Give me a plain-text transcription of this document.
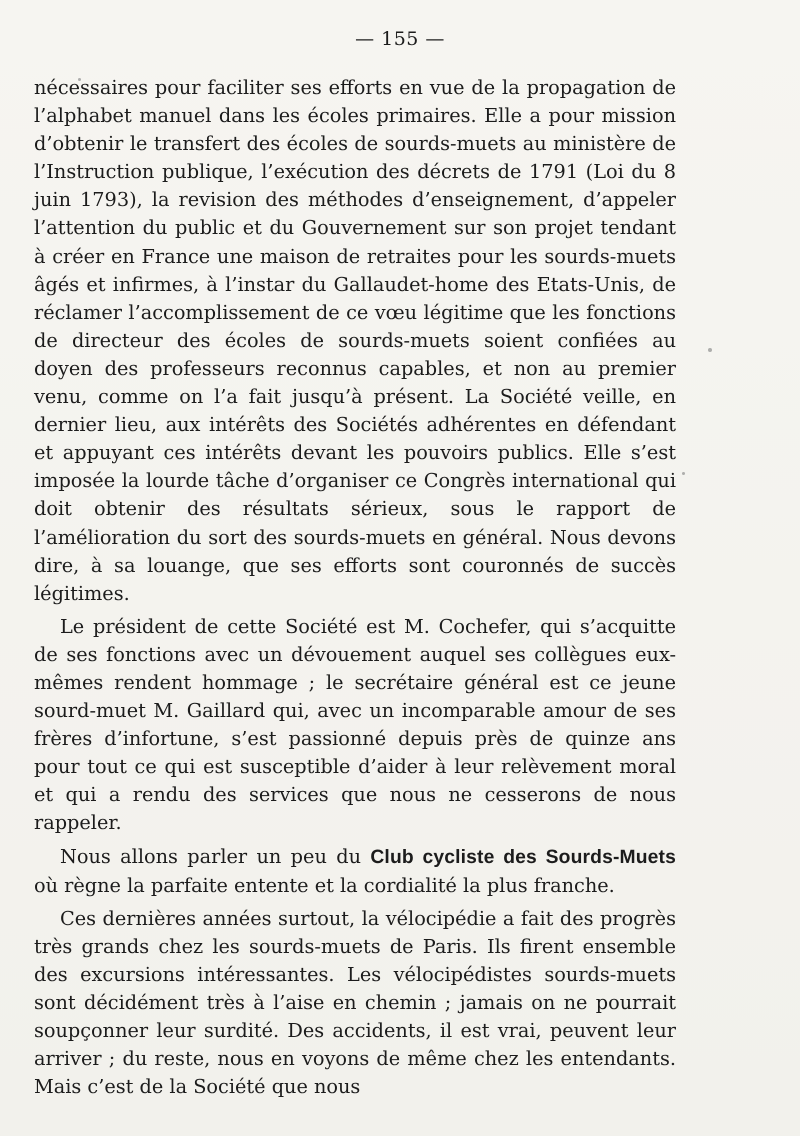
— 155 —

nécessaires pour faciliter ses efforts en vue de la propagation de l’alphabet manuel dans les écoles primaires. Elle a pour mission d’obtenir le transfert des écoles de sourds-muets au ministère de l’Instruction publique, l’exécution des décrets de 1791 (Loi du 8 juin 1793), la revision des méthodes d’enseignement, d’appeler l’attention du public et du Gouvernement sur son projet tendant à créer en France une maison de retraites pour les sourds-muets âgés et infirmes, à l’instar du Gallaudet-home des Etats-Unis, de réclamer l’accomplissement de ce vœu légitime que les fonctions de directeur des écoles de sourds-muets soient confiées au doyen des professeurs reconnus capables, et non au premier venu, comme on l’a fait jusqu’à présent. La Société veille, en dernier lieu, aux intérêts des Sociétés adhérentes en défendant et appuyant ces intérêts devant les pouvoirs publics. Elle s’est imposée la lourde tâche d’organiser ce Congrès international qui doit obtenir des résultats sérieux, sous le rapport de l’amélioration du sort des sourds-muets en général. Nous devons dire, à sa louange, que ses efforts sont couronnés de succès légitimes.

Le président de cette Société est M. Cochefer, qui s’acquitte de ses fonctions avec un dévouement auquel ses collègues eux-mêmes rendent hommage ; le secrétaire général est ce jeune sourd-muet M. Gaillard qui, avec un incomparable amour de ses frères d’infortune, s’est passionné depuis près de quinze ans pour tout ce qui est susceptible d’aider à leur relèvement moral et qui a rendu des services que nous ne cesserons de nous rappeler.

Nous allons parler un peu du Club cycliste des Sourds-Muets où règne la parfaite entente et la cordialité la plus franche.

Ces dernières années surtout, la vélocipédie a fait des progrès très grands chez les sourds-muets de Paris. Ils firent ensemble des excursions intéressantes. Les vélocipédistes sourds-muets sont décidément très à l’aise en chemin ; jamais on ne pourrait soupçonner leur surdité. Des accidents, il est vrai, peuvent leur arriver ; du reste, nous en voyons de même chez les entendants. Mais c’est de la Société que nous
